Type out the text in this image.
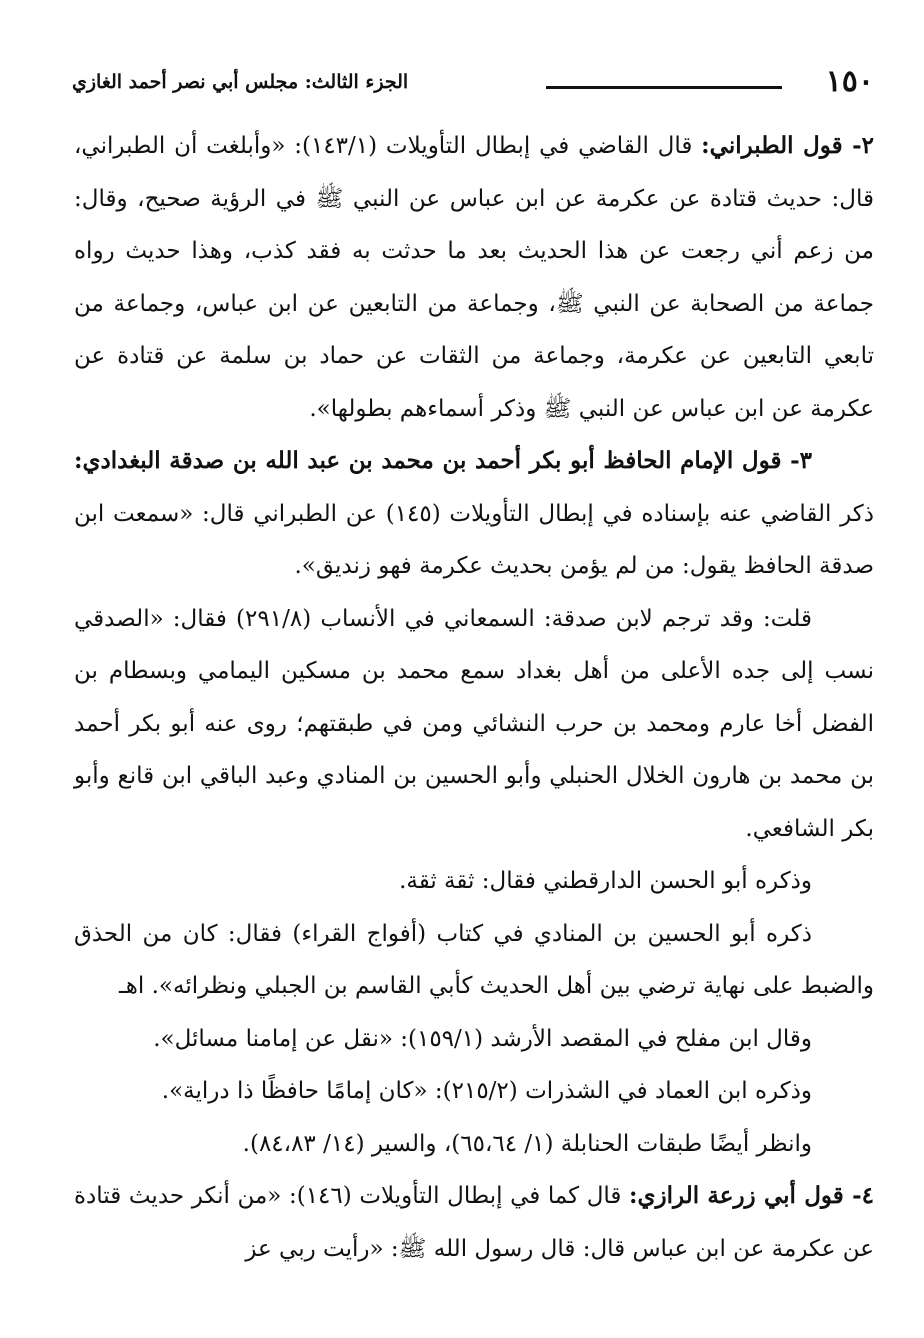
١٥٠
الجزء الثالث: مجلس أبي نصر أحمد الغازي

٢- قول الطبراني: قال القاضي في إبطال التأويلات (١٤٣/١): «وأبلغت أن الطبراني، قال: حديث قتادة عن عكرمة عن ابن عباس عن النبي ﷺ في الرؤية صحيح، وقال: من زعم أني رجعت عن هذا الحديث بعد ما حدثت به فقد كذب، وهذا حديث رواه جماعة من الصحابة عن النبي ﷺ، وجماعة من التابعين عن ابن عباس، وجماعة من تابعي التابعين عن عكرمة، وجماعة من الثقات عن حماد بن سلمة عن قتادة عن عكرمة عن ابن عباس عن النبي ﷺ وذكر أسماءهم بطولها».

٣- قول الإمام الحافظ أبو بكر أحمد بن محمد بن عبد الله بن صدقة البغدادي: ذكر القاضي عنه بإسناده في إبطال التأويلات (١٤٥) عن الطبراني قال: «سمعت ابن صدقة الحافظ يقول: من لم يؤمن بحديث عكرمة فهو زنديق».

قلت: وقد ترجم لابن صدقة: السمعاني في الأنساب (٢٩١/٨) فقال: «الصدقي نسب إلى جده الأعلى من أهل بغداد سمع محمد بن مسكين اليمامي وبسطام بن الفضل أخا عارم ومحمد بن حرب النشائي ومن في طبقتهم؛ روى عنه أبو بكر أحمد بن محمد بن هارون الخلال الحنبلي وأبو الحسين بن المنادي وعبد الباقي ابن قانع وأبو بكر الشافعي.

وذكره أبو الحسن الدارقطني فقال: ثقة ثقة.

ذكره أبو الحسين بن المنادي في كتاب (أفواج القراء) فقال: كان من الحذق والضبط على نهاية ترضي بين أهل الحديث كأبي القاسم بن الجبلي ونظرائه». اهـ

وقال ابن مفلح في المقصد الأرشد (١٥٩/١): «نقل عن إمامنا مسائل».

وذكره ابن العماد في الشذرات (٢١٥/٢): «كان إمامًا حافظًا ذا دراية».

وانظر أيضًا طبقات الحنابلة (١/ ٦٥،٦٤)، والسير (١٤/ ٨٤،٨٣).

٤- قول أبي زرعة الرازي: قال كما في إبطال التأويلات (١٤٦): «من أنكر حديث قتادة عن عكرمة عن ابن عباس قال: قال رسول الله ﷺ: «رأيت ربي عز
